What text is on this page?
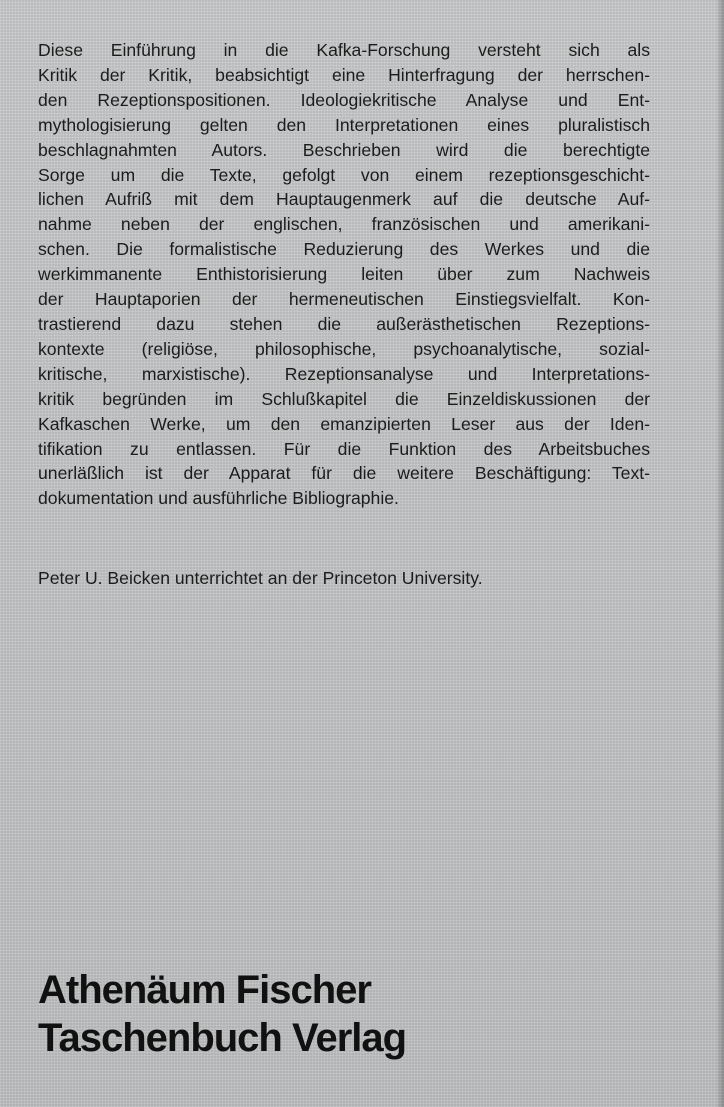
Diese Einführung in die Kafka-Forschung versteht sich als
Kritik der Kritik, beabsichtigt eine Hinterfragung der herrschen-
den Rezeptionspositionen. Ideologiekritische Analyse und Ent-
mythologisierung gelten den Interpretationen eines pluralistisch
beschlagnahmten Autors. Beschrieben wird die berechtigte
Sorge um die Texte, gefolgt von einem rezeptionsgeschicht-
lichen Aufriß mit dem Hauptaugenmerk auf die deutsche Auf-
nahme neben der englischen, französischen und amerikani-
schen. Die formalistische Reduzierung des Werkes und die
werkimmanente Enthistorisierung leiten über zum Nachweis
der Hauptaporien der hermeneutischen Einstiegsvielfalt. Kon-
trastierend dazu stehen die außerästhetischen Rezeptions-
kontexte (religiöse, philosophische, psychoanalytische, sozial-
kritische, marxistische). Rezeptionsanalyse und Interpretations-
kritik begründen im Schlußkapitel die Einzeldiskussionen der
Kafkaschen Werke, um den emanzipierten Leser aus der Iden-
tifikation zu entlassen. Für die Funktion des Arbeitsbuches
unerläßlich ist der Apparat für die weitere Beschäftigung: Text-
dokumentation und ausführliche Bibliographie.
Peter U. Beicken unterrichtet an der Princeton University.
Athenäum Fischer
Taschenbuch Verlag
